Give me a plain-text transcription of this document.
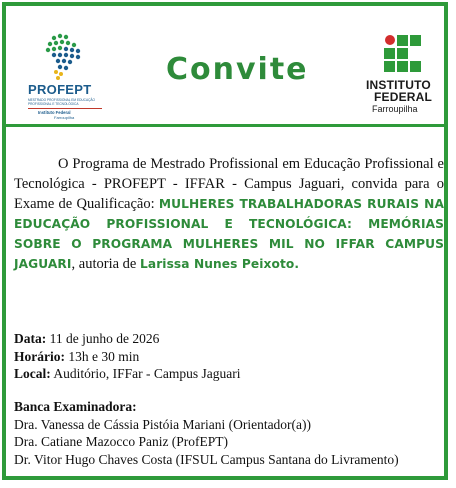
PROFEPT
MESTRADO PROFISSIONAL EM EDUCAÇÃO PROFISSIONAL E TECNOLÓGICA
Instituto Federal
Farroupilha
Convite	INSTITUTO
FEDERAL
Farroupilha

O Programa de Mestrado Profissional em Educação Profissional e Tecnológica - PROFEPT - IFFAR - Campus Jaguari, convida para o Exame de Qualificação: MULHERES TRABALHADORAS RURAIS NA EDUCAÇÃO PROFISSIONAL E TECNOLÓGICA: MEMÓRIAS SOBRE O PROGRAMA MULHERES MIL NO IFFAR CAMPUS JAGUARI, autoria de Larissa Nunes Peixoto.

Data: 11 de junho de 2026
Horário: 13h e 30 min
Local: Auditório, IFFar - Campus Jaguari
Banca Examinadora:
Dra. Vanessa de Cássia Pistóia Mariani (Orientador(a))
Dra. Catiane Mazocco Paniz (ProfEPT)
Dr. Vitor Hugo Chaves Costa (IFSUL Campus Santana do Livramento)
